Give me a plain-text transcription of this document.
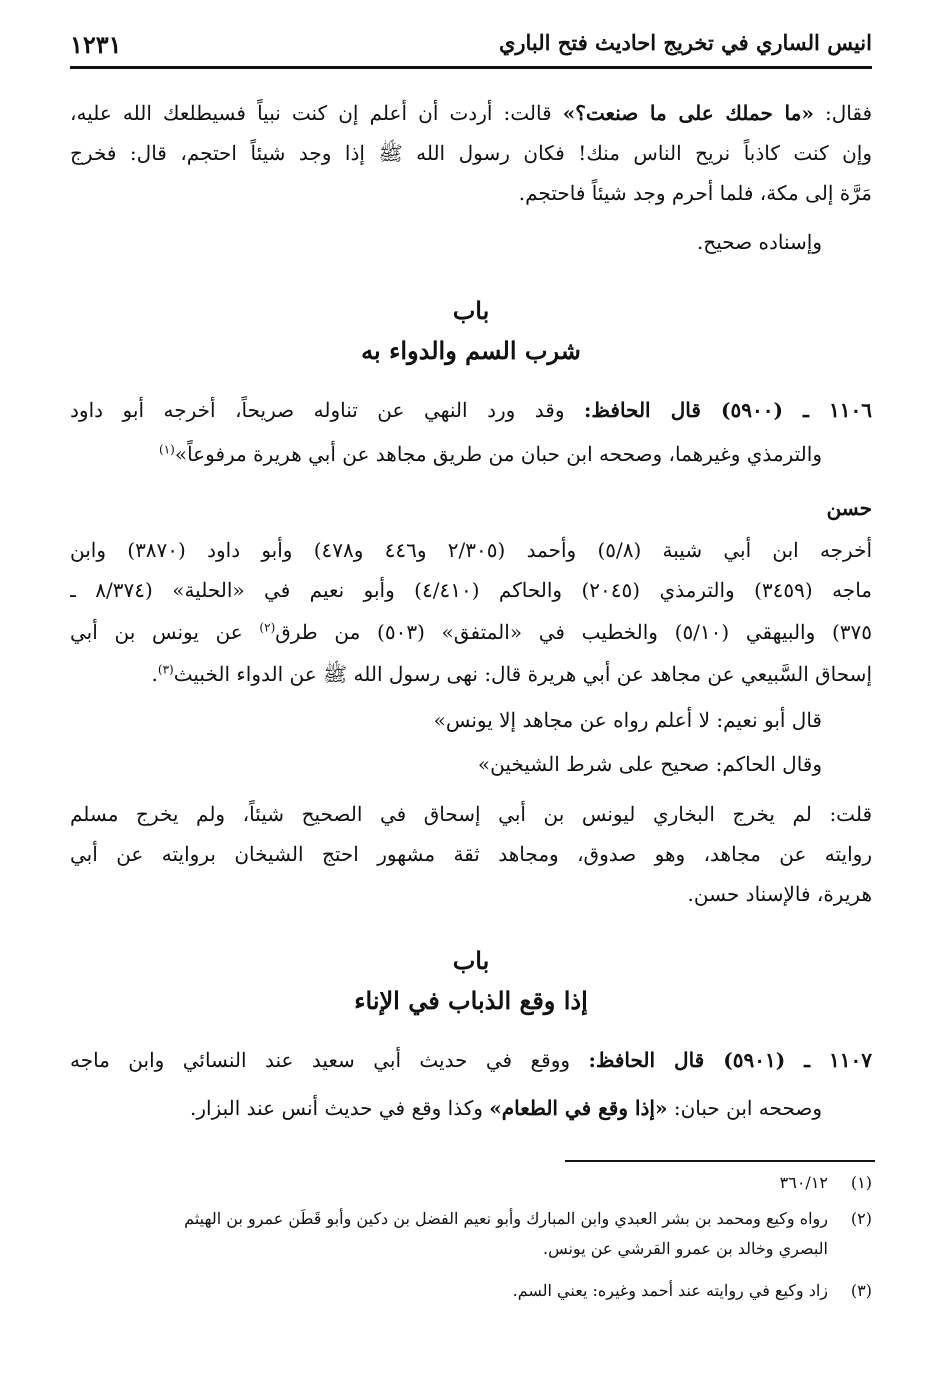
انيس الساري في تخريج احاديث فتح الباري
١٢٣١
فقال: «ما حملك على ما صنعت؟» قالت: أردت أن أعلم إن كنت نبياً فسيطلعك الله عليه،
وإن كنت كاذباً نريح الناس منك! فكان رسول الله ﷺ إذا وجد شيئاً احتجم، قال: فخرج
مَرَّة إلى مكة، فلما أحرم وجد شيئاً فاحتجم.
وإسناده صحيح.
باب
شرب السم والدواء به
١١٠٦ ـ (٥٩٠٠) قال الحافظ: وقد ورد النهي عن تناوله صريحاً، أخرجه أبو داود
والترمذي وغيرهما، وصححه ابن حبان من طريق مجاهد عن أبي هريرة مرفوعاً»$^{(١)}$
حسن
أخرجه ابن أبي شيبة (٥/٨) وأحمد (٢/٣٠٥ و٤٤٦ و٤٧٨) وأبو داود (٣٨٧٠) وابن
ماجه (٣٤٥٩) والترمذي (٢٠٤٥) والحاكم (٤/٤١٠) وأبو نعيم في «الحلية» (٨/٣٧٤ ـ
٣٧٥) والبيهقي (٥/١٠) والخطيب في «المتفق» (٥٠٣) من طرق$^{(٢)}$ عن يونس بن أبي
إسحاق السَّبيعي عن مجاهد عن أبي هريرة قال: نهى رسول الله ﷺ عن الدواء الخبيث$^{(٣)}$.
قال أبو نعيم: لا أعلم رواه عن مجاهد إلا يونس»
وقال الحاكم: صحيح على شرط الشيخين»
قلت: لم يخرج البخاري ليونس بن أبي إسحاق في الصحيح شيئاً، ولم يخرج مسلم
روايته عن مجاهد، وهو صدوق، ومجاهد ثقة مشهور احتج الشيخان بروايته عن أبي
هريرة، فالإسناد حسن.
باب
إذا وقع الذباب في الإناء
١١٠٧ ـ (٥٩٠١) قال الحافظ: ووقع في حديث أبي سعيد عند النسائي وابن ماجه
وصححه ابن حبان: «إذا وقع في الطعام» وكذا وقع في حديث أنس عند البزار.
(١)٣٦٠/١٢
(٢)رواه وكيع ومحمد بن بشر العبدي وابن المبارك وأبو نعيم الفضل بن دكين وأبو قَطَن عمرو بن الهيثم
البصري وخالد بن عمرو القرشي عن يونس.
(٣)زاد وكيع في روايته عند أحمد وغيره: يعني السم.
